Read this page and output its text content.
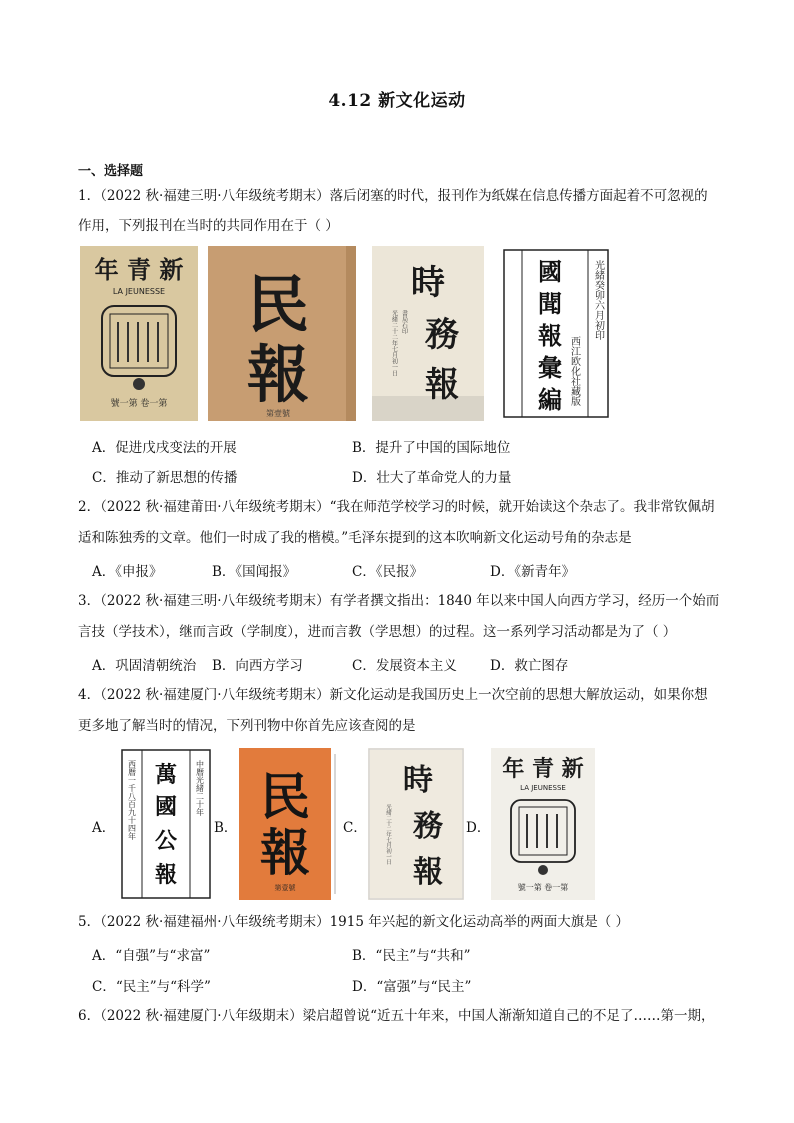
4.12 新文化运动
一、选择题
1．（2022 秋·福建三明·八年级统考期末）落后闭塞的时代，报刊作为纸媒在信息传播方面起着不可忽视的
作用，下列报刊在当时的共同作用在于（ ）
年 青 新
LA JEUNESSE
號一第 卷一第
民
報
第壹號
時
務
報
光緒二十二年七月初一日 書局石印
國
聞
報
彙
編
光緒癸卯六月初印
西江欧化社藏版
A．促进戊戌变法的开展	B．提升了中国的国际地位
C．推动了新思想的传播	D．壮大了革命党人的力量
2．（2022 秋·福建莆田·八年级统考期末）“我在师范学校学习的时候，就开始读这个杂志了。我非常钦佩胡
适和陈独秀的文章。他们一时成了我的楷模。”毛泽东提到的这本吹响新文化运动号角的杂志是
A．《申报》	B．《国闻报》	C．《民报》	D．《新青年》
3．（2022 秋·福建三明·八年级统考期末）有学者撰文指出：1840 年以来中国人向西方学习，经历一个始而
言技（学技术），继而言政（学制度），进而言教（学思想）的过程。这一系列学习活动都是为了（ ）
A．巩固清朝统治 B．向西方学习	C．发展资本主义 D．救亡图存
4．（2022 秋·福建厦门·八年级统考期末）新文化运动是我国历史上一次空前的思想大解放运动，如果你想
更多地了解当时的情况，下列刊物中你首先应该查阅的是
A．
萬
國
公
報
中曆光緒二十年
西曆一千八百九十四年	B．
民
報
第壹號
C．
時
務
報
光緒二十二年七月初一日	D．
年 青 新
LA JEUNESSE
號一第 卷一第
5．（2022 秋·福建福州·八年级统考期末）1915 年兴起的新文化运动高举的两面大旗是（ ）
A．“自强”与“求富”	B．“民主”与“共和”
C．“民主”与“科学”	D．“富强”与“民主”
6．（2022 秋·福建厦门·八年级期末）梁启超曾说“近五十年来，中国人渐渐知道自己的不足了……第一期，
